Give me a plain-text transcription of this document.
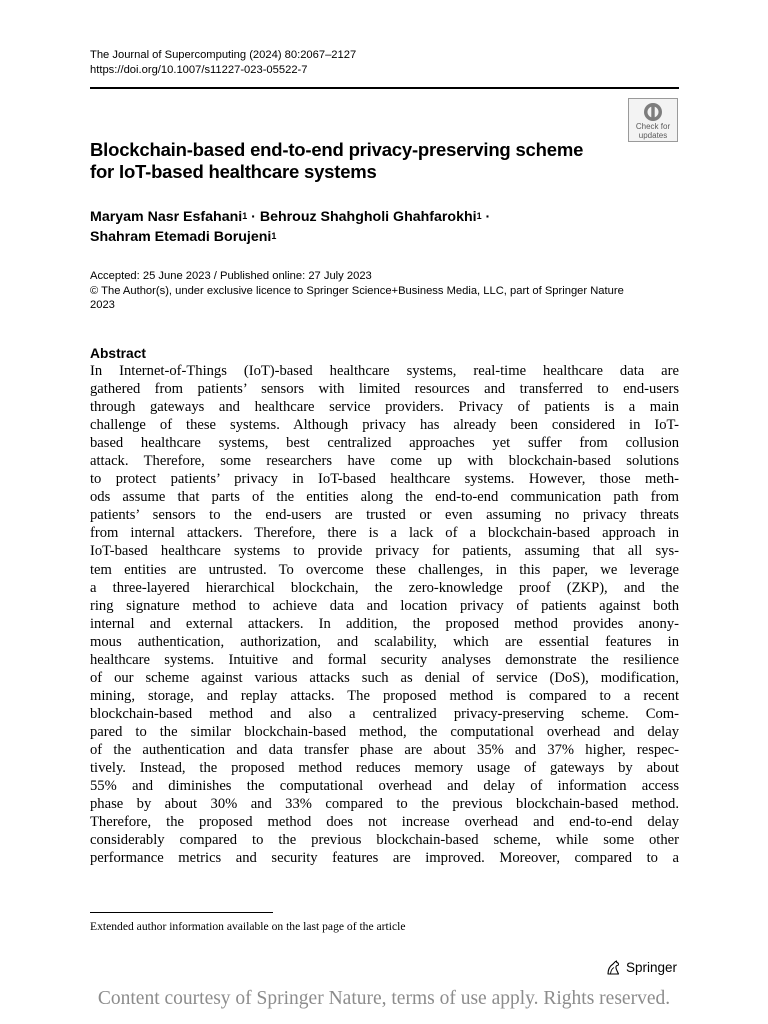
The Journal of Supercomputing (2024) 80:2067–2127
https://doi.org/10.1007/s11227-023-05522-7
Check for
updates
Blockchain-based end-to-end privacy-preserving scheme
for IoT-based healthcare systems
Maryam Nasr Esfahani$^1$ · Behrouz Shahgholi Ghahfarokhi$^1$ ·
Shahram Etemadi Borujeni$^1$
Accepted: 25 June 2023 / Published online: 27 July 2023
© The Author(s), under exclusive licence to Springer Science+Business Media, LLC, part of Springer Nature
2023
Abstract
In Internet-of-Things (IoT)-based healthcare systems, real-time healthcare data are
gathered from patients’ sensors with limited resources and transferred to end-users
through gateways and healthcare service providers. Privacy of patients is a main
challenge of these systems. Although privacy has already been considered in IoT-
based healthcare systems, best centralized approaches yet suffer from collusion
attack. Therefore, some researchers have come up with blockchain-based solutions
to protect patients’ privacy in IoT-based healthcare systems. However, those meth-
ods assume that parts of the entities along the end-to-end communication path from
patients’ sensors to the end-users are trusted or even assuming no privacy threats
from internal attackers. Therefore, there is a lack of a blockchain-based approach in
IoT-based healthcare systems to provide privacy for patients, assuming that all sys-
tem entities are untrusted. To overcome these challenges, in this paper, we leverage
a three-layered hierarchical blockchain, the zero-knowledge proof (ZKP), and the
ring signature method to achieve data and location privacy of patients against both
internal and external attackers. In addition, the proposed method provides anony-
mous authentication, authorization, and scalability, which are essential features in
healthcare systems. Intuitive and formal security analyses demonstrate the resilience
of our scheme against various attacks such as denial of service (DoS), modification,
mining, storage, and replay attacks. The proposed method is compared to a recent
blockchain-based method and also a centralized privacy-preserving scheme. Com-
pared to the similar blockchain-based method, the computational overhead and delay
of the authentication and data transfer phase are about 35% and 37% higher, respec-
tively. Instead, the proposed method reduces memory usage of gateways by about
55% and diminishes the computational overhead and delay of information access
phase by about 30% and 33% compared to the previous blockchain-based method.
Therefore, the proposed method does not increase overhead and end-to-end delay
considerably compared to the previous blockchain-based scheme, while some other
performance metrics and security features are improved. Moreover, compared to a
Extended author information available on the last page of the article
Springer
Content courtesy of Springer Nature, terms of use apply. Rights reserved.
